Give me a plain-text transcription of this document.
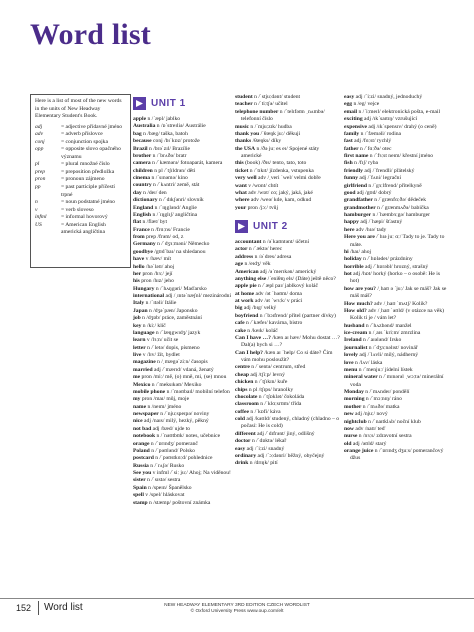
Word list

Here is a list of most of the new words in the units of New Headway Elementary Student's Book.

adj	= adjective přídavné jméno
adv	= adverb příslovce
conj	= conjunction spojka
opp	= opposite slovo opačného významu
pl	= plural množné číslo
prep	= preposition předložka
pron	= pronoun zájmeno
pp	= past participle příčestí trpné
n	= noun podstatné jméno
v	= verb sloveso
infml	= informal hovorový
US	= American English americká angličtina
UNIT 1

apple n /ˈæpl/ jablko

Australia n /ɒˈstreɪliə/ Austrálie

bag n /bæg/ taška, batoh

because conj /bɪˈkɒz/ protože

Brazil n /brəˈzɪl/ Brazílie

brother n /ˈbrʌðə/ bratr

camera n /ˈkæmərə/ fotoaparát, kamera

children n pl /ˈtʃɪldrən/ děti

cinema n /ˈsɪnəmə/ kino

country n /ˈkʌntri/ země, stát

day n /deɪ/ den

dictionary n /ˈdɪkʃənri/ slovník

England n /ˈɪŋglənd/ Anglie

English n /ˈɪŋglɪʃ/ angličtina

flat n /flæt/ byt

France n /frɑːns/ Francie

from prep /frəm/ od, z

Germany n /ˈdʒɜːməni/ Německo

goodbye /gʊdˈbaɪ/ na shledanou

have v /hæv/ mít

hello /həˈləʊ/ ahoj

her pron /hɜː/ její

his pron /hɪz/ jeho

Hungary n /ˈhʌŋgəri/ Maďarsko

international adj /ˌɪntəˈnæʃnl/ mezinárodní

Italy n /ˈɪtəli/ Itálie

Japan n /dʒəˈpæn/ Japonsko

job n /dʒɒb/ práce, zaměstnání

key n /kiː/ klíč

language n /ˈlæŋgwɪdʒ/ jazyk

learn v /lɜːn/ učit se

letter n /ˈletə/ dopis, písmeno

live v /lɪv/ žít, bydlet

magazine n /ˌmægəˈziːn/ časopis

married adj /ˈmærɪd/ vdaná, ženatý

me pron /miː/ mě, (o) mně, mi, (se) mnou

Mexico n /ˈmeksɪkəʊ/ Mexiko

mobile phone n /ˈməʊbaɪl/ mobilní telefon

my pron /maɪ/ můj, moje

name n /neɪm/ jméno

newspaper n /ˈnjuːspeɪpə/ noviny

nice adj /naɪs/ milý, hezký, pěkný

not bad adj /bæd/ ujde to

notebook n /ˈnəʊtbʊk/ notes, učebnice

orange n /ˈɒrɪndʒ/ pomeranč

Poland n /ˈpəʊlənd/ Polsko

postcard n /ˈpəʊstkɑːd/ pohlednice

Russia n /ˈrʌʃə/ Rusko

See you v infml /ˈsiː juː/ Ahoj; Na viděnou!

sister n /ˈsɪstə/ sestra

Spain n /speɪn/ Španělsko

spell v /spel/ hláskovat

stamp n /stæmp/ poštovní známka

student n /ˈstjuːdənt/ student

teacher n /ˈtiːtʃə/ učitel

telephone number n /ˈtelɪfəʊn ˌnʌmbə/ telefonní číslo

music n /ˈmjuːzɪk/ hudba

thank you /ˈθæŋk juː/ děkuji

thanks /θæŋks/ díky

the USA n /ðə juː es eɪ/ Spojené státy americké

this (book) /ðɪs/ tento, tato, toto

ticket n /ˈtɪkɪt/ jízdenka, vstupenka

very well adv /ˌveri ˈwel/ velmi dobře

want v /wɒnt/ chtít

what adv /wɒt/ co; jaký, jaká, jaké

where adv /weə/ kde, kam, odkud

your pron /jɔː/ tvůj

UNIT 2

accountant n /əˈkaʊntənt/ účetní

actor n /ˈæktə/ herec

address n /əˈdres/ adresa

age n /eɪdʒ/ věk

American adj /əˈmerɪkən/ americký

anything else /ˈeniθɪŋ els/ (Dáte) ještě něco?

apple pie n /ˈæpl paɪ/ jablkový koláč

at home adv /ət ˈhəʊm/ doma

at work adv /ət ˈwɜːk/ v práci

big adj /bɪg/ velký

boyfriend n /ˈbɔɪfrend/ přítel (partner dívky)

cafe n /ˈkæfeɪ/ kavárna, bistro

cake n /keɪk/ koláč

Can I have …? /kæn aɪ hæv/ Mohu dostat …? Dal(a) bych si …?

Can I help? /kæn aɪ ˈhelp/ Co si dáte? Čím vám mohu posloužit?

centre n /ˈsentə/ centrum, střed

cheap adj /tʃiːp/ levný

chicken n /ˈtʃɪkɪn/ kuře

chips n pl /tʃɪps/ hranolky

chocolate n /ˈtʃɒklət/ čokoláda

classroom n /ˈklɑːsrʊm/ třída

coffee n /ˈkɒfi/ káva

cold adj /kəʊld/ studený, chladný (chladno – o počasí: He is cold)

different adj /ˈdɪfrənt/ jiný, odlišný

doctor n /ˈdɒktə/ lékař

easy adj /ˈiːzi/ snadný

ordinary adj /ˈɔːdənri/ běžný, obyčejný

drink n /drɪŋk/ pití

easy adj /ˈiːzi/ snadný, jednoduchý

egg n /eg/ vejce

email n /ˈiːmeɪl/ elektronická pošta, e-mail

exciting adj /ɪkˈsaɪtɪŋ/ vzrušující

expensive adj /ɪkˈspensɪv/ drahý (o ceně)

family n /ˈfæməli/ rodina

fast adj /fɑːst/ rychlý

father n /ˈfɑːðə/ otec

first name n /ˈfɜːst neɪm/ křestní jméno

fish n /fɪʃ/ ryba

friendly adj /ˈfrendli/ přátelský

funny adj /ˈfʌni/ legrační

girlfriend n /ˈgɜːlfrend/ přítelkyně

good adj /gʊd/ dobrý

grandfather n /ˈgrænfɑːðə/ dědeček

grandmother n /ˈgrænmʌðə/ babička

hamburger n /ˈhæmbɜːgə/ hamburger

happy adj /ˈhæpi/ šťastný

here adv /hɪə/ tady

Here you are /ˈhɪə juː ɑː/ Tady to je. Tady to máte.

hi /haɪ/ ahoj

holiday n /ˈhɒlədeɪ/ prázdniny

horrible adj /ˈhɒrəbl/ hrozný, strašný

hot adj /hɒt/ horký (horko – o osobě: He is hot)

how are you? /ˌhaʊ ə ˈjuː/ Jak se máš? Jak se máš máš?

How much? adv /ˌhaʊ ˈmʌtʃ/ Kolik?

How old? adv /ˌhaʊ ˈəʊld/ (v otázce na věk) Kolik ti je / vám let?

husband n /ˈhʌzbənd/ manžel

ice-cream n /ˌaɪs ˈkriːm/ zmrzlina

Ireland n /ˈaɪələnd/ Irsko

journalist n /ˈdʒɜːnəlɪst/ novinář

lovely adj /ˈlʌvli/ milý, nádherný

love n /lʌv/ láska

menu n /ˈmenjuː/ jídelní lístek

mineral water n /ˈmɪnərəl ˌwɔːtə/ minerální voda

Monday n /ˈmʌndeɪ/ pondělí

morning n /ˈmɔːnɪŋ/ ráno

mother n /ˈmʌðə/ matka

new adj /njuː/ nový

nightclub n /ˈnaɪtklʌb/ noční klub

now adv /naʊ/ teď

nurse n /nɜːs/ zdravotní sestra

old adj /əʊld/ starý

orange juice n /ˈɒrɪndʒ dʒuːs/ pomerančový džus

152 Word list	NEW HEADWAY ELEMENTARY 3RD EDITION CZECH WORDLIST
© Oxford University Press www.oup.com/elt
